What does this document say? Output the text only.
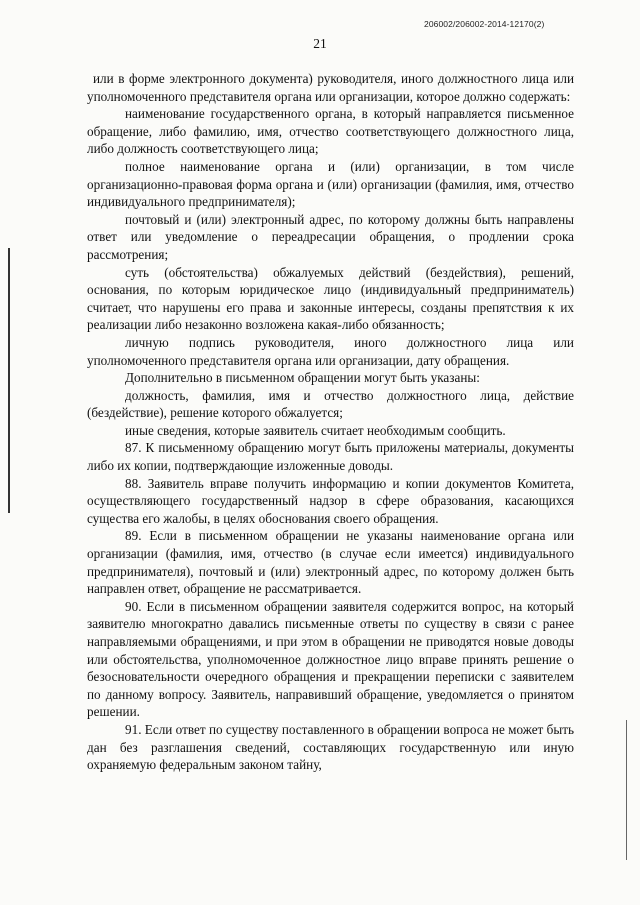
206002/206002-2014-12170(2)
21

или в форме электронного документа) руководителя, иного должностного лица или уполномоченного представителя органа или организации, которое должно содержать:

наименование государственного органа, в который направляется письменное обращение, либо фамилию, имя, отчество соответствующего должностного лица, либо должность соответствующего лица;

полное наименование органа и (или) организации, в том числе организационно-правовая форма органа и (или) организации (фамилия, имя, отчество индивидуального предпринимателя);

почтовый и (или) электронный адрес, по которому должны быть направлены ответ или уведомление о переадресации обращения, о продлении срока рассмотрения;

суть (обстоятельства) обжалуемых действий (бездействия), решений, основания, по которым юридическое лицо (индивидуальный предприниматель) считает, что нарушены его права и законные интересы, созданы препятствия к их реализации либо незаконно возложена какая-либо обязанность;

личную подпись руководителя, иного должностного лица или уполномоченного представителя органа или организации, дату обращения.

Дополнительно в письменном обращении могут быть указаны:

должность, фамилия, имя и отчество должностного лица, действие (бездействие), решение которого обжалуется;

иные сведения, которые заявитель считает необходимым сообщить.

87. К письменному обращению могут быть приложены материалы, документы либо их копии, подтверждающие изложенные доводы.

88. Заявитель вправе получить информацию и копии документов Комитета, осуществляющего государственный надзор в сфере образования, касающихся существа его жалобы, в целях обоснования своего обращения.

89. Если в письменном обращении не указаны наименование органа или организации (фамилия, имя, отчество (в случае если имеется) индивидуального предпринимателя), почтовый и (или) электронный адрес, по которому должен быть направлен ответ, обращение не рассматривается.

90. Если в письменном обращении заявителя содержится вопрос, на который заявителю многократно давались письменные ответы по существу в связи с ранее направляемыми обращениями, и при этом в обращении не приводятся новые доводы или обстоятельства, уполномоченное должностное лицо вправе принять решение о безосновательности очередного обращения и прекращении переписки с заявителем по данному вопросу. Заявитель, направивший обращение, уведомляется о принятом решении.

91. Если ответ по существу поставленного в обращении вопроса не может быть дан без разглашения сведений, составляющих государственную или иную охраняемую федеральным законом тайну,
